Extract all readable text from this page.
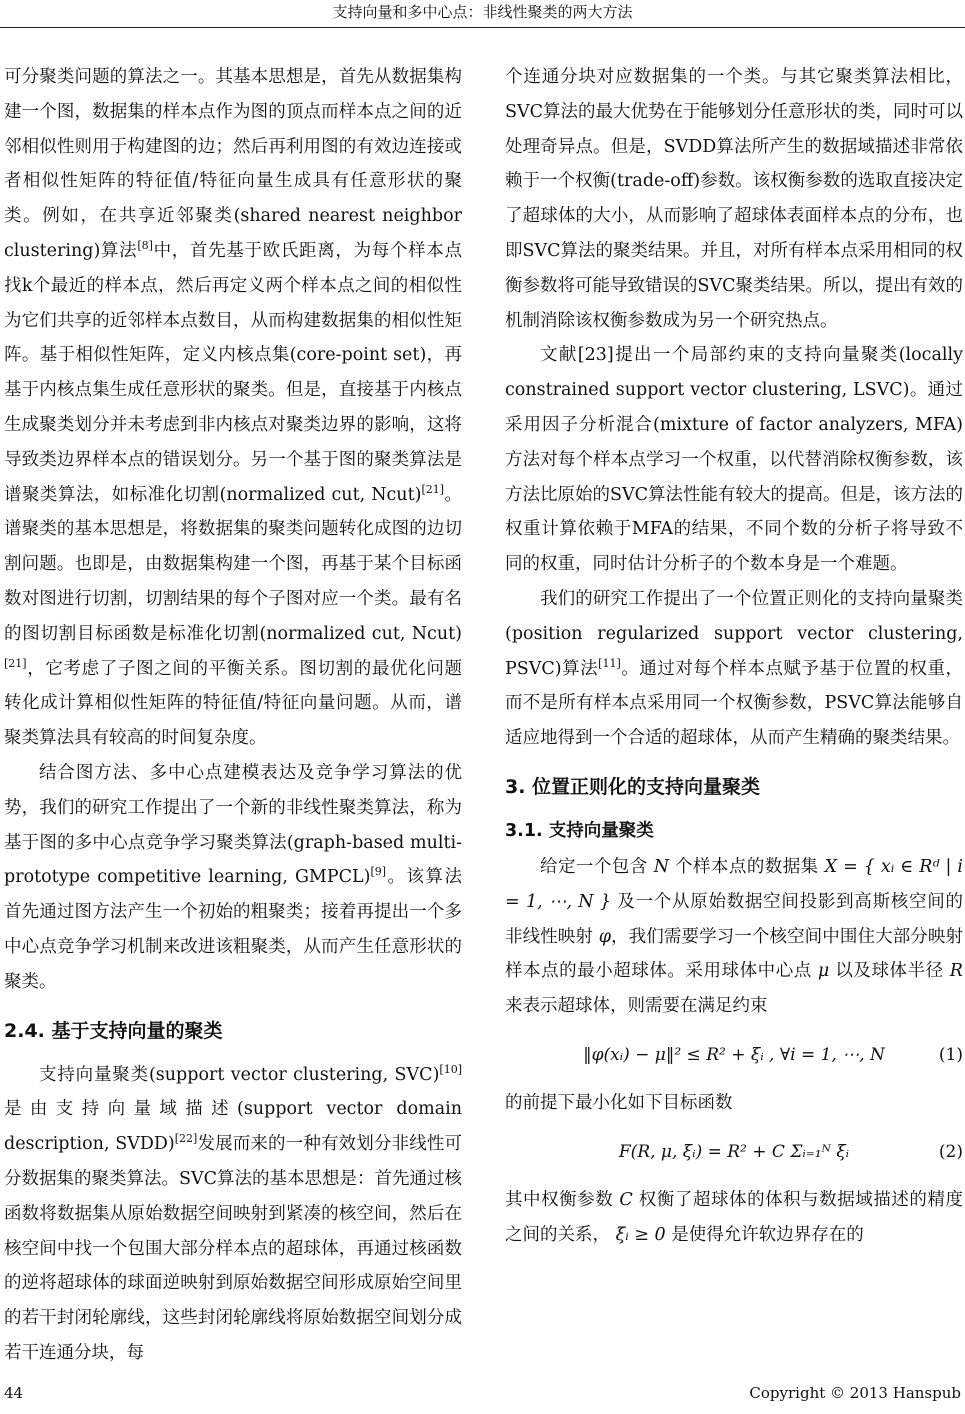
支持向量和多中心点：非线性聚类的两大方法

可分聚类问题的算法之一。其基本思想是，首先从数据集构建一个图，数据集的样本点作为图的顶点而样本点之间的近邻相似性则用于构建图的边；然后再利用图的有效边连接或者相似性矩阵的特征值/特征向量生成具有任意形状的聚类。例如，在共享近邻聚类(shared nearest neighbor clustering)算法[8]中，首先基于欧氏距离，为每个样本点找k个最近的样本点，然后再定义两个样本点之间的相似性为它们共享的近邻样本点数目，从而构建数据集的相似性矩阵。基于相似性矩阵，定义内核点集(core-point set)，再基于内核点集生成任意形状的聚类。但是，直接基于内核点生成聚类划分并未考虑到非内核点对聚类边界的影响，这将导致类边界样本点的错误划分。另一个基于图的聚类算法是谱聚类算法，如标准化切割(normalized cut, Ncut)[21]。谱聚类的基本思想是，将数据集的聚类问题转化成图的边切割问题。也即是，由数据集构建一个图，再基于某个目标函数对图进行切割，切割结果的每个子图对应一个类。最有名的图切割目标函数是标准化切割(normalized cut, Ncut)[21]，它考虑了子图之间的平衡关系。图切割的最优化问题转化成计算相似性矩阵的特征值/特征向量问题。从而，谱聚类算法具有较高的时间复杂度。

结合图方法、多中心点建模表达及竞争学习算法的优势，我们的研究工作提出了一个新的非线性聚类算法，称为基于图的多中心点竞争学习聚类算法(graph-based multi-prototype competitive learning, GMPCL)[9]。该算法首先通过图方法产生一个初始的粗聚类；接着再提出一个多中心点竞争学习机制来改进该粗聚类，从而产生任意形状的聚类。

2.4. 基于支持向量的聚类

支持向量聚类(support vector clustering, SVC)[10]是由支持向量域描述(support vector domain description, SVDD)[22]发展而来的一种有效划分非线性可分数据集的聚类算法。SVC算法的基本思想是：首先通过核函数将数据集从原始数据空间映射到紧凑的核空间，然后在核空间中找一个包围大部分样本点的超球体，再通过核函数的逆将超球体的球面逆映射到原始数据空间形成原始空间里的若干封闭轮廓线，这些封闭轮廓线将原始数据空间划分成若干连通分块，每

个连通分块对应数据集的一个类。与其它聚类算法相比，SVC算法的最大优势在于能够划分任意形状的类，同时可以处理奇异点。但是，SVDD算法所产生的数据域描述非常依赖于一个权衡(trade-off)参数。该权衡参数的选取直接决定了超球体的大小，从而影响了超球体表面样本点的分布，也即SVC算法的聚类结果。并且，对所有样本点采用相同的权衡参数将可能导致错误的SVC聚类结果。所以，提出有效的机制消除该权衡参数成为另一个研究热点。

文献[23]提出一个局部约束的支持向量聚类(locally constrained support vector clustering, LSVC)。通过采用因子分析混合(mixture of factor analyzers, MFA)方法对每个样本点学习一个权重，以代替消除权衡参数，该方法比原始的SVC算法性能有较大的提高。但是，该方法的权重计算依赖于MFA的结果，不同个数的分析子将导致不同的权重，同时估计分析子的个数本身是一个难题。

我们的研究工作提出了一个位置正则化的支持向量聚类(position regularized support vector clustering, PSVC)算法[11]。通过对每个样本点赋予基于位置的权重，而不是所有样本点采用同一个权衡参数，PSVC算法能够自适应地得到一个合适的超球体，从而产生精确的聚类结果。

3. 位置正则化的支持向量聚类
3.1. 支持向量聚类

给定一个包含 N 个样本点的数据集 X = { xᵢ ∈ Rᵈ | i = 1, ⋯, N } 及一个从原始数据空间投影到高斯核空间的非线性映射 φ，我们需要学习一个核空间中围住大部分映射样本点的最小超球体。采用球体中心点 μ 以及球体半径 R 来表示超球体，则需要在满足约束

‖φ(xᵢ) − μ‖² ≤ R² + ξᵢ , ∀i = 1, ⋯, N	(1)

的前提下最小化如下目标函数

F(R, μ, ξᵢ) = R² + C Σᵢ₌₁ᴺ ξᵢ	(2)

其中权衡参数 C 权衡了超球体的体积与数据域描述的精度之间的关系， ξᵢ ≥ 0 是使得允许软边界存在的

44	Copyright © 2013 Hanspub
